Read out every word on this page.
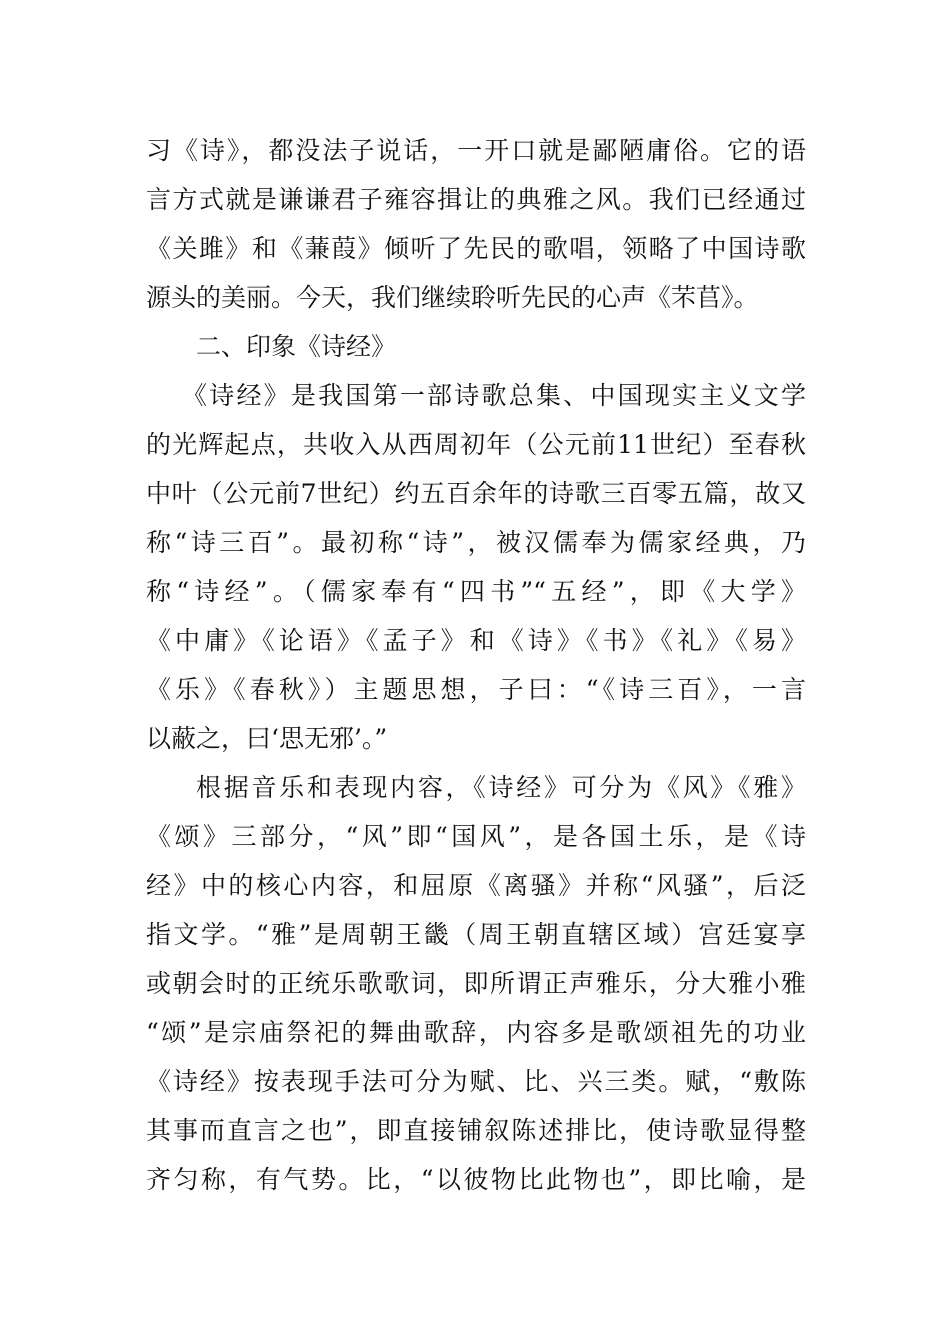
习《诗》，都没法子说话，一开口就是鄙陋庸俗。它的语
言方式就是谦谦君子雍容揖让的典雅之风。我们已经通过
《关雎》和《蒹葭》倾听了先民的歌唱，领略了中国诗歌
源头的美丽。今天，我们继续聆听先民的心声《芣苢》。
二、印象《诗经》
《诗经》是我国第一部诗歌总集、中国现实主义文学
的光辉起点，共收入从西周初年（公元前11世纪）至春秋
中叶（公元前7世纪）约五百余年的诗歌三百零五篇，故又
称“诗三百”。最初称“诗”，被汉儒奉为儒家经典，乃
称“诗经”。（儒家奉有“四书”“五经”，即《大学》
《中庸》《论语》《孟子》和《诗》《书》《礼》《易》
《乐》《春秋》）主题思想，子曰：“《诗三百》，一言
以蔽之，曰‘思无邪’。”
根据音乐和表现内容，《诗经》可分为《风》《雅》
《颂》三部分，“风”即“国风”，是各国土乐，是《诗
经》中的核心内容，和屈原《离骚》并称“风骚”，后泛
指文学。“雅”是周朝王畿（周王朝直辖区域）宫廷宴享
或朝会时的正统乐歌歌词，即所谓正声雅乐，分大雅小雅
“颂”是宗庙祭祀的舞曲歌辞，内容多是歌颂祖先的功业
《诗经》按表现手法可分为赋、比、兴三类。赋，“敷陈
其事而直言之也”，即直接铺叙陈述排比，使诗歌显得整
齐匀称，有气势。比，“以彼物比此物也”，即比喻，是
